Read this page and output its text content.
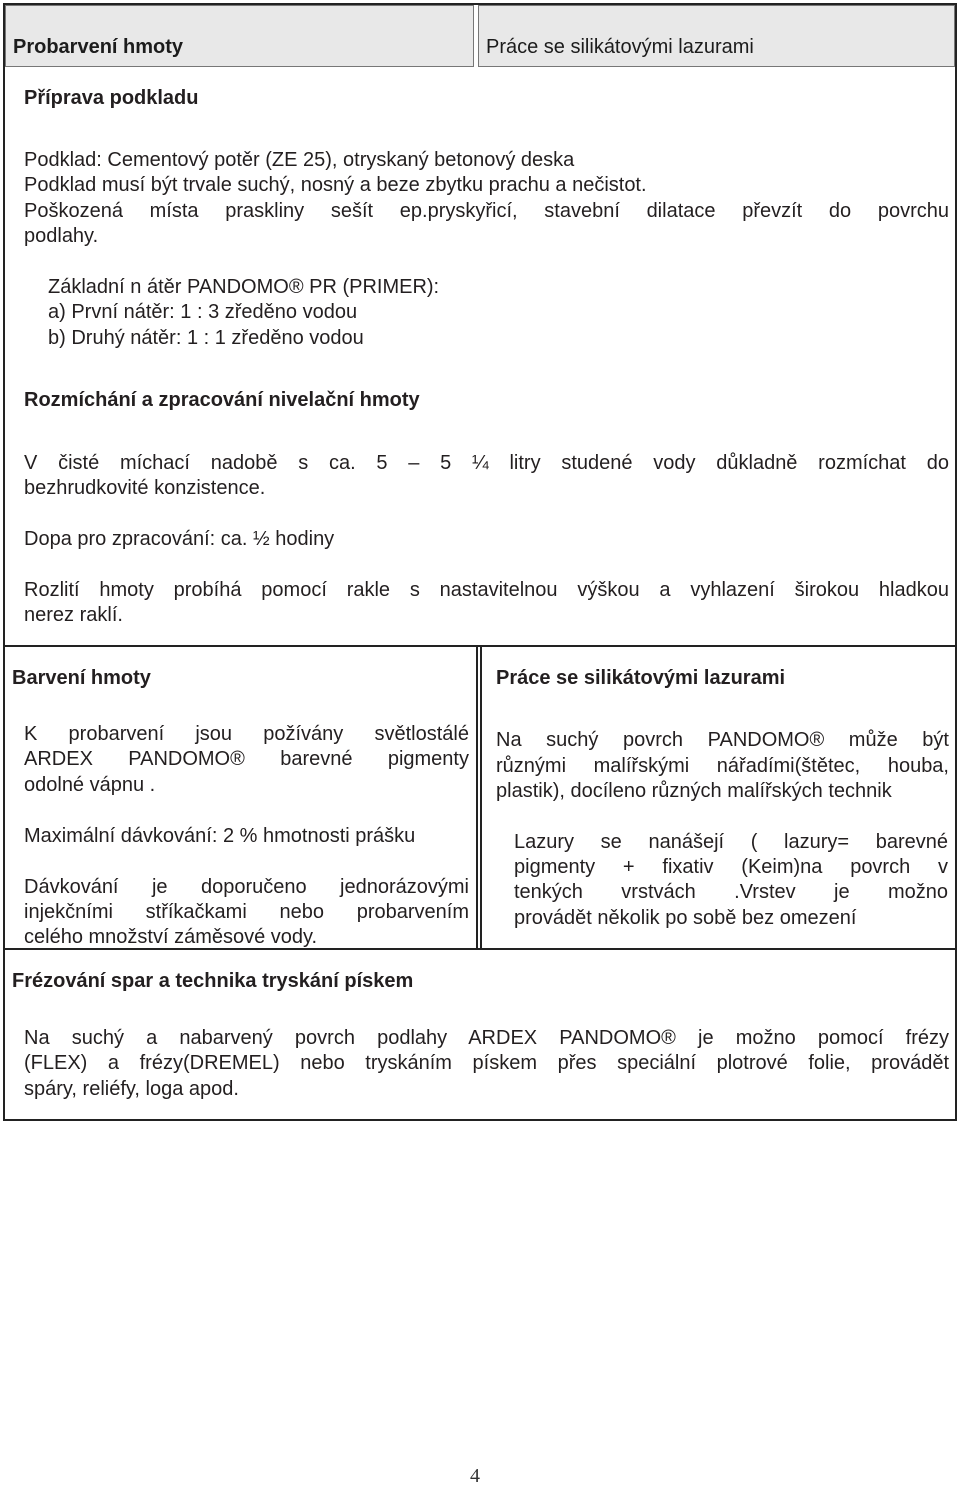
Probarvení hmoty	Práce se silikátovými lazurami
Příprava podkladu
Podklad: Cementový potěr (ZE 25), otryskaný betonový deska
Podklad musí být trvale suchý, nosný a beze zbytku prachu a nečistot.
Poškozená místa praskliny sešít ep.pryskyřicí, stavební dilatace převzít do povrchu
podlahy.
Základní n átěr PANDOMO® PR (PRIMER):
a) První nátěr: 1 : 3 zředěno vodou
b) Druhý nátěr: 1 : 1 zředěno vodou
Rozmíchání a zpracování nivelační hmoty
V čisté míchací nadobě s ca. 5 – 5 ¼ litry studené vody důkladně rozmíchat do
bezhrudkovité konzistence.
Dopa pro zpracování: ca. ½ hodiny
Rozlití hmoty probíhá pomocí rakle s nastavitelnou výškou a vyhlazení širokou hladkou
nerez raklí.
Barvení hmoty
K probarvení jsou požívány světlostálé
ARDEX PANDOMO® barevné pigmenty
odolné vápnu .
Maximální dávkování: 2 % hmotnosti prášku
Dávkování je doporučeno jednorázovými
injekčními stříkačkami nebo probarvením
celého množství záměsové vody.
Práce se silikátovými lazurami
Na suchý povrch PANDOMO® může být
různými malířskými nářadími(štětec, houba,
plastik), docíleno různých malířských technik
Lazury se nanášejí ( lazury= barevné
pigmenty + fixativ (Keim)na povrch v
tenkých vrstvách .Vrstev je možno
provádět několik po sobě bez omezení
Frézování spar a technika tryskání pískem
Na suchý a nabarvený povrch podlahy ARDEX PANDOMO® je možno pomocí frézy
(FLEX) a frézy(DREMEL) nebo tryskáním pískem přes speciální plotrové folie, provádět
spáry, reliéfy, loga apod.
4
